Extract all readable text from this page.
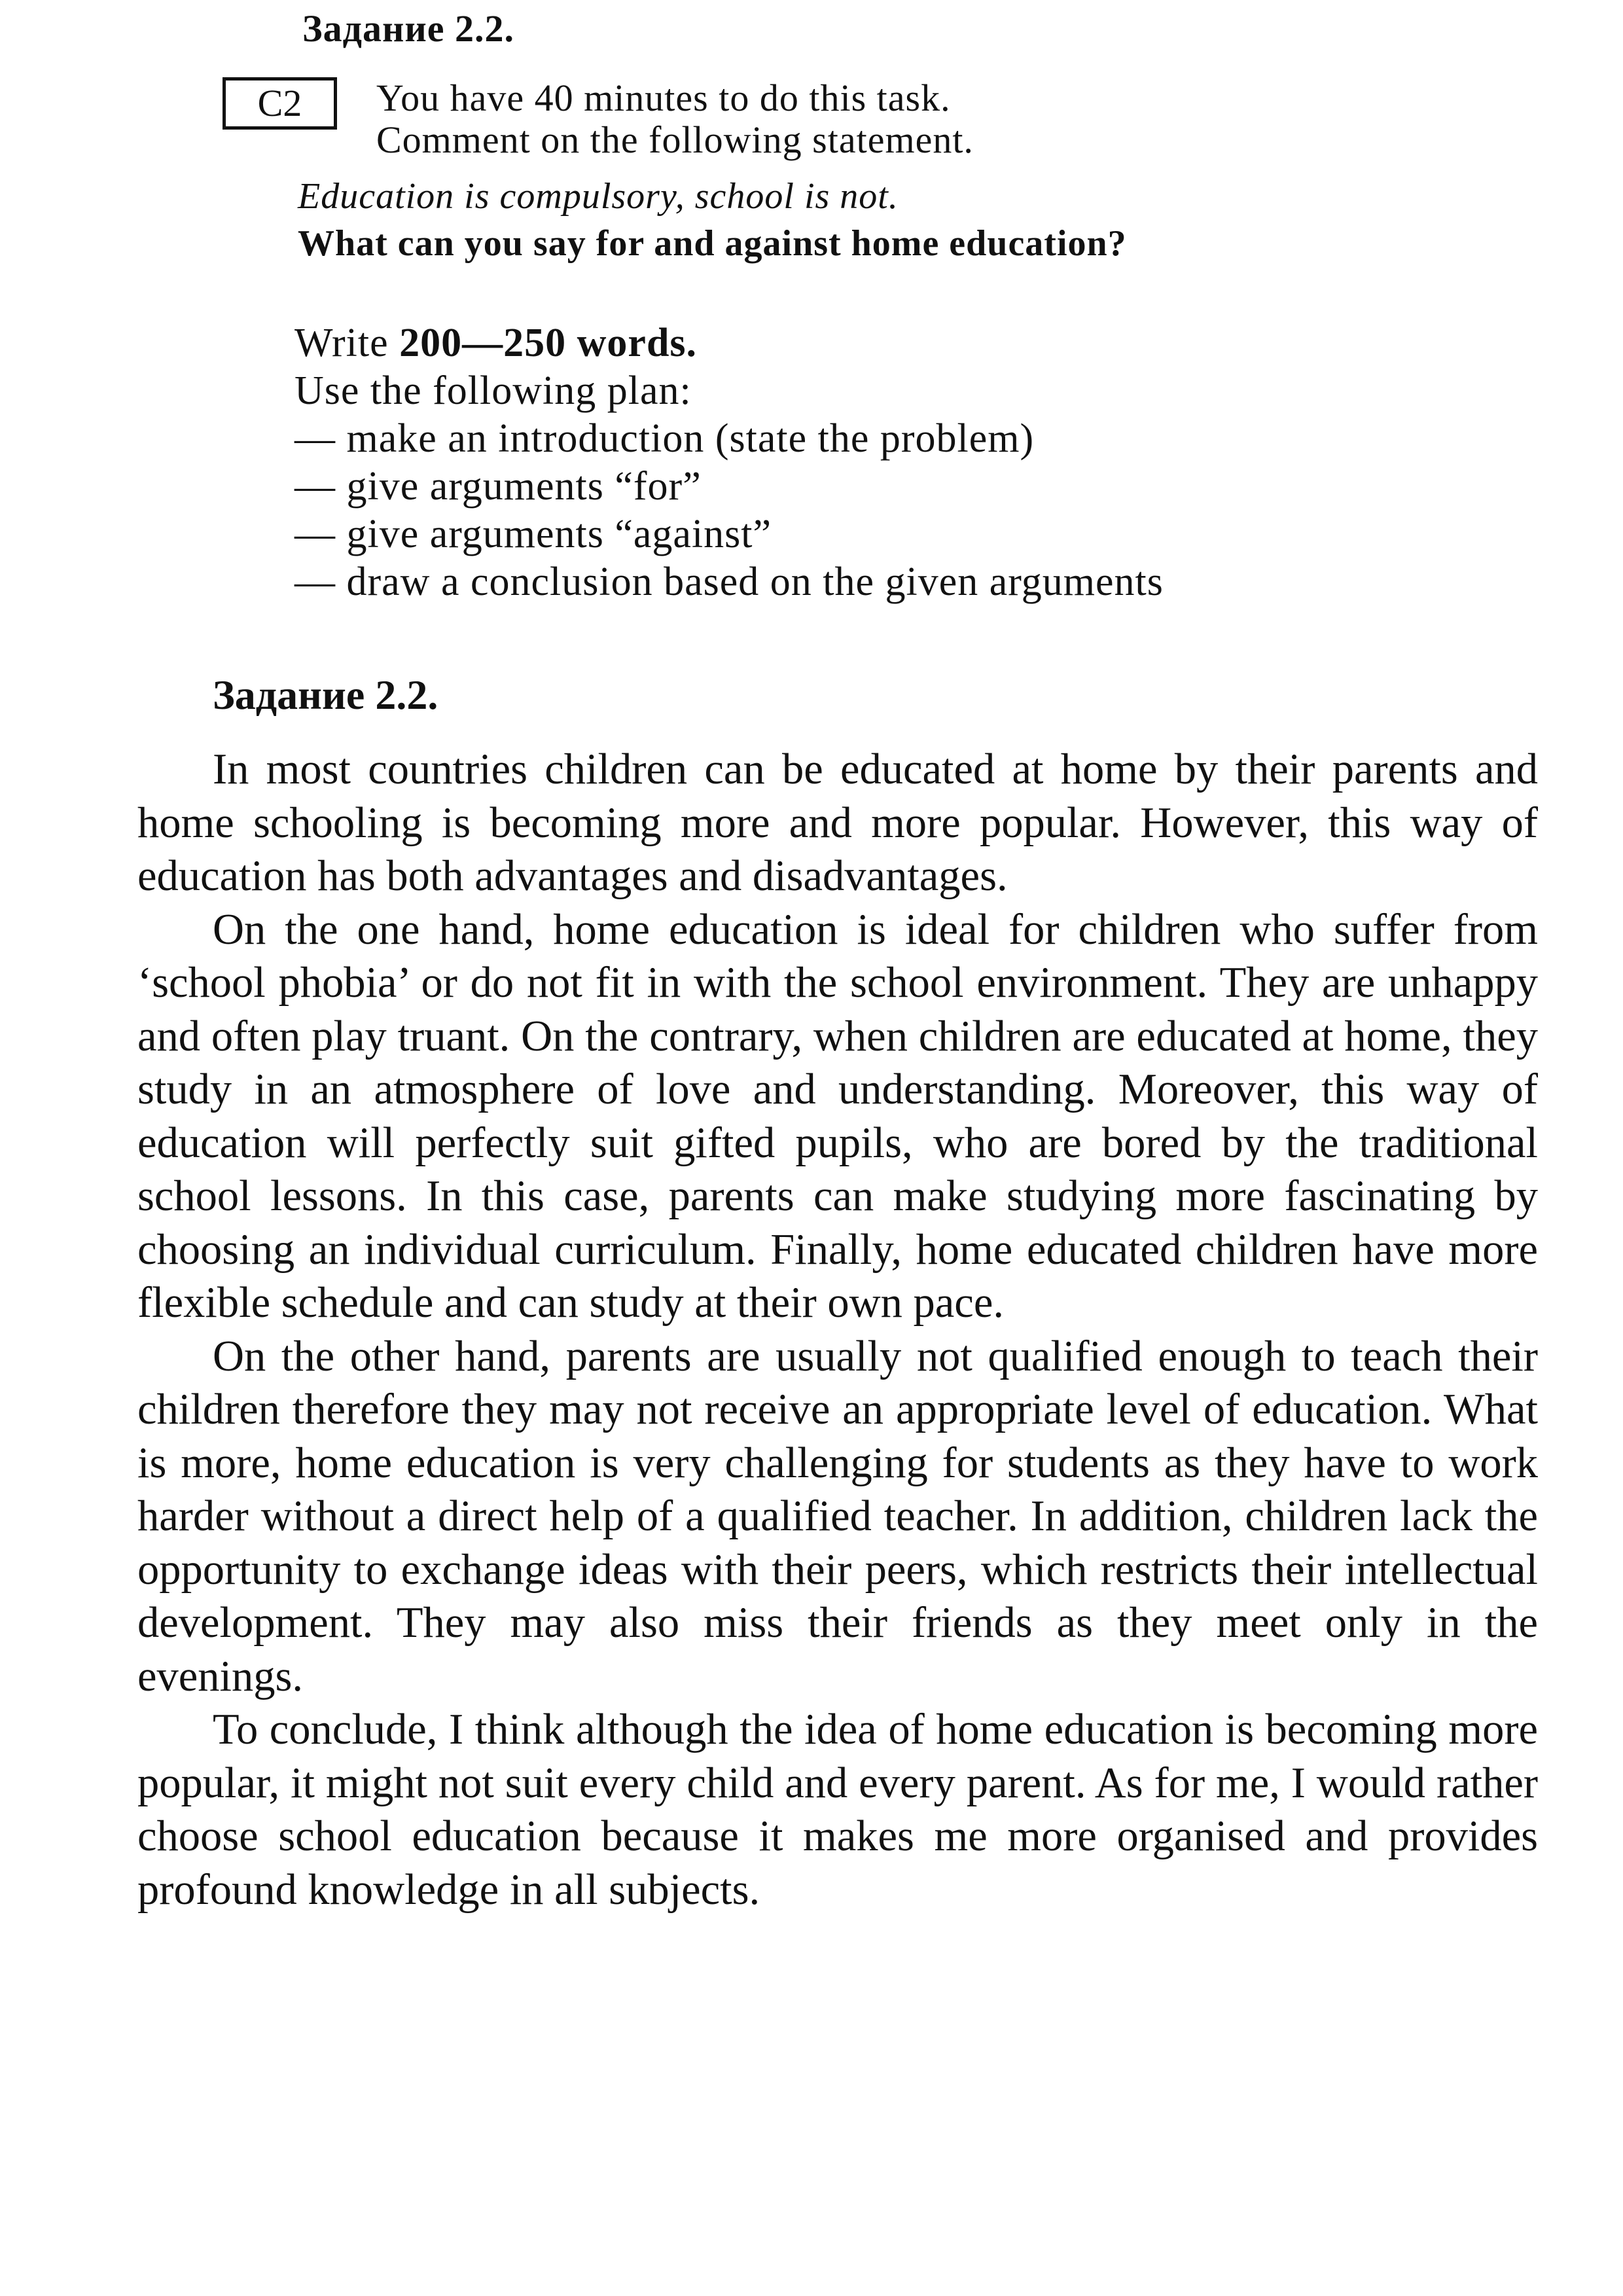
Задание 2.2.
C2	You have 40 minutes to do this task.
Comment on the following statement.
Education is compulsory, school is not.
What can you say for and against home education?
Write 200—250 words.
Use the following plan:
— make an introduction (state the problem)
— give arguments “for”
— give arguments “against”
— draw a conclusion based on the given arguments
Задание 2.2.

In most countries children can be educated at home by their parents and home schooling is becoming more and more popular. However, this way of education has both advantages and disadvantages.

On the one hand, home education is ideal for children who suffer from ‘school phobia’ or do not fit in with the school environment. They are unhappy and often play truant. On the contrary, when children are educated at home, they study in an atmosphere of love and understanding. Moreover, this way of education will perfectly suit gifted pupils, who are bored by the traditional school lessons. In this case, parents can make studying more fascinating by choosing an individual curriculum. Finally, home educated children have more flexible schedule and can study at their own pace.

On the other hand, parents are usually not qualified enough to teach their children therefore they may not receive an appropriate level of education. What is more, home education is very challenging for students as they have to work harder without a direct help of a qualified teacher. In addition, children lack the opportunity to exchange ideas with their peers, which restricts their intellectual development. They may also miss their friends as they meet only in the evenings.

To conclude, I think although the idea of home education is becoming more popular, it might not suit every child and every parent. As for me, I would rather choose school education because it makes me more organised and provides profound knowledge in all subjects.
